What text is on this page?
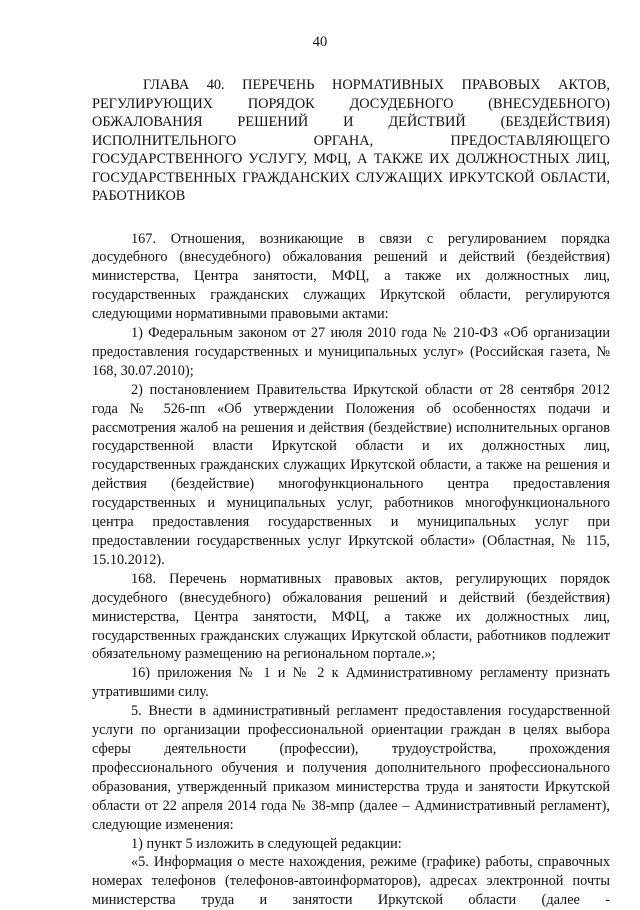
40

ГЛАВА 40. ПЕРЕЧЕНЬ НОРМАТИВНЫХ ПРАВОВЫХ АКТОВ, РЕГУЛИРУЮЩИХ ПОРЯДОК ДОСУДЕБНОГО (ВНЕСУДЕБНОГО) ОБЖАЛОВАНИЯ РЕШЕНИЙ И ДЕЙСТВИЙ (БЕЗДЕЙСТВИЯ) ИСПОЛНИТЕЛЬНОГО ОРГАНА, ПРЕДОСТАВЛЯЮЩЕГО ГОСУДАРСТВЕННОГО УСЛУГУ, МФЦ, А ТАКЖЕ ИХ ДОЛЖНОСТНЫХ ЛИЦ, ГОСУДАРСТВЕННЫХ ГРАЖДАНСКИХ СЛУЖАЩИХ ИРКУТСКОЙ ОБЛАСТИ, РАБОТНИКОВ

167. Отношения, возникающие в связи с регулированием порядка досудебного (внесудебного) обжалования решений и действий (бездействия) министерства, Центра занятости, МФЦ, а также их должностных лиц, государственных гражданских служащих Иркутской области, регулируются следующими нормативными правовыми актами:

1) Федеральным законом от 27 июля 2010 года № 210-ФЗ «Об организации предоставления государственных и муниципальных услуг» (Российская газета, № 168, 30.07.2010);

2) постановлением Правительства Иркутской области от 28 сентября 2012 года № 526-пп «Об утверждении Положения об особенностях подачи и рассмотрения жалоб на решения и действия (бездействие) исполнительных органов государственной власти Иркутской области и их должностных лиц, государственных гражданских служащих Иркутской области, а также на решения и действия (бездействие) многофункционального центра предоставления государственных и муниципальных услуг, работников многофункционального центра предоставления государственных и муниципальных услуг при предоставлении государственных услуг Иркутской области» (Областная, № 115, 15.10.2012).

168. Перечень нормативных правовых актов, регулирующих порядок досудебного (внесудебного) обжалования решений и действий (бездействия) министерства, Центра занятости, МФЦ, а также их должностных лиц, государственных гражданских служащих Иркутской области, работников подлежит обязательному размещению на региональном портале.»;

16) приложения № 1 и № 2 к Административному регламенту признать утратившими силу.

5. Внести в административный регламент предоставления государственной услуги по организации профессиональной ориентации граждан в целях выбора сферы деятельности (профессии), трудоустройства, прохождения профессионального обучения и получения дополнительного профессионального образования, утвержденный приказом министерства труда и занятости Иркутской области от 22 апреля 2014 года № 38-мпр (далее – Административный регламент), следующие изменения:

1) пункт 5 изложить в следующей редакции:

«5. Информация о месте нахождения, режиме (графике) работы, справочных номерах телефонов (телефонов-автоинформаторов), адресах электронной почты министерства труда и занятости Иркутской области (далее -
